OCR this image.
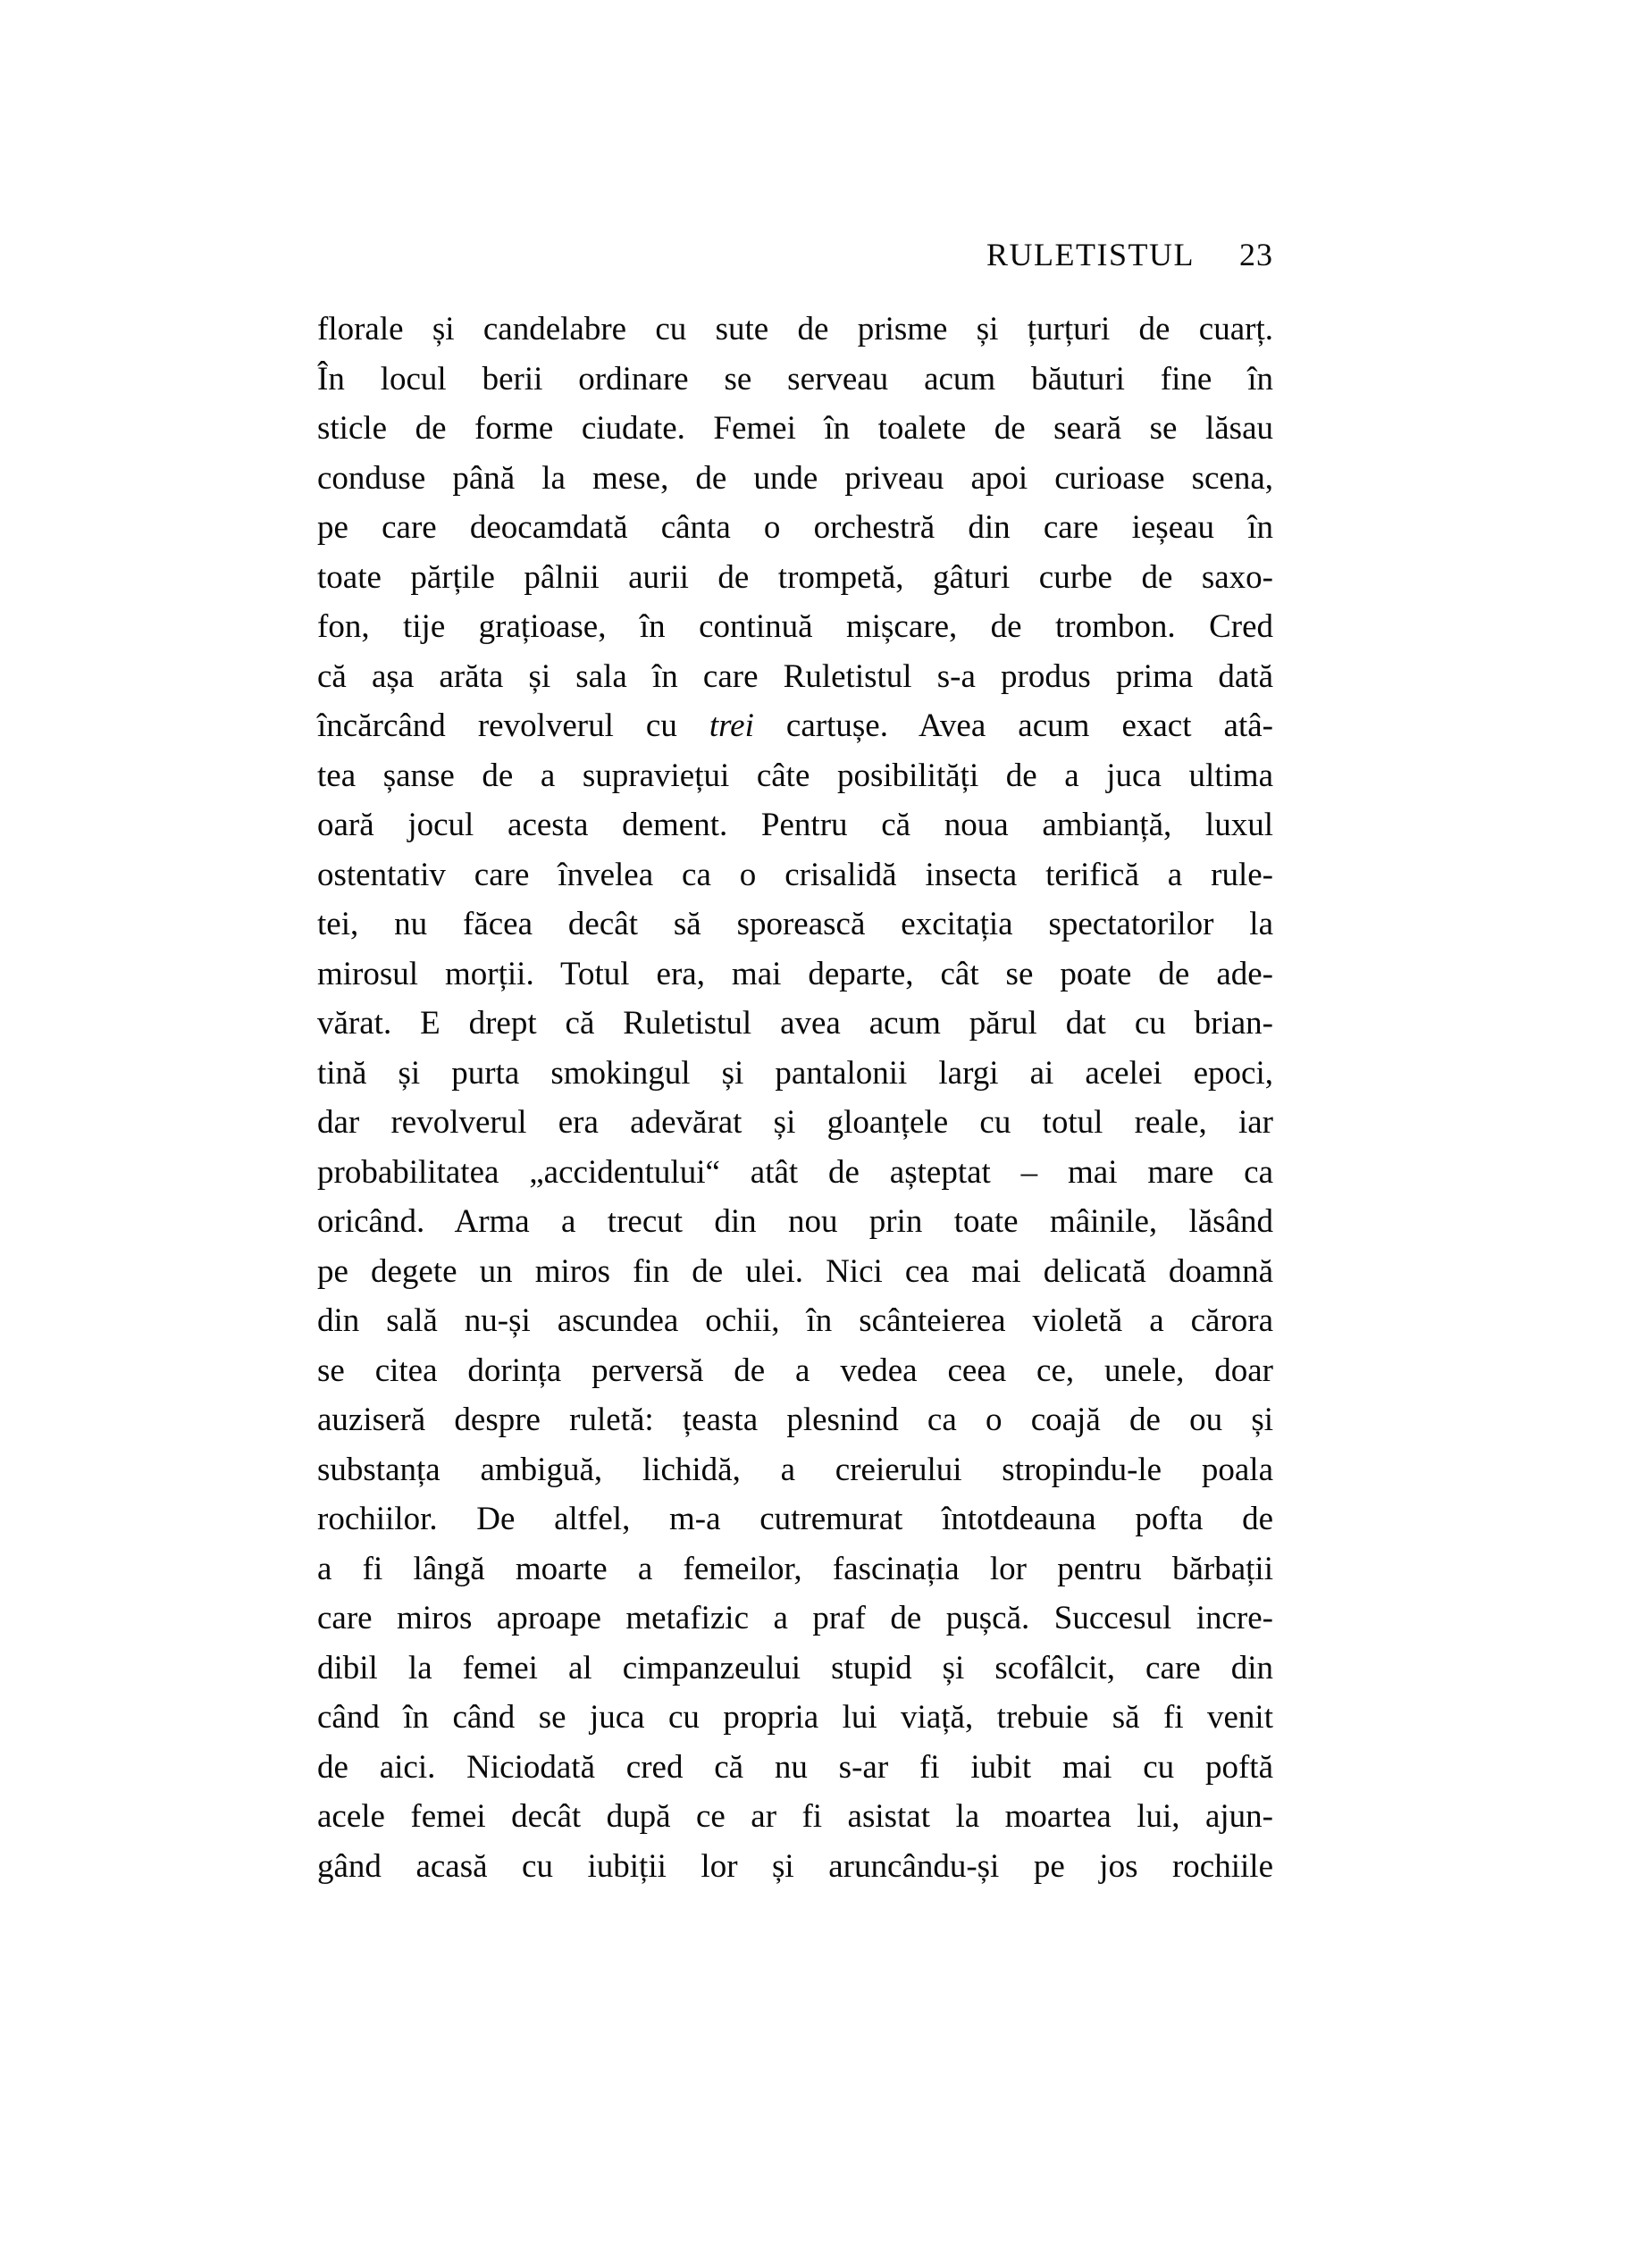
RULETISTUL 23
florale și candelabre cu sute de prisme și țurțuri de cuarț.
În locul berii ordinare se serveau acum băuturi fine în
sticle de forme ciudate. Femei în toalete de seară se lăsau
conduse până la mese, de unde priveau apoi curioase scena,
pe care deocamdată cânta o orchestră din care ieșeau în
toate părțile pâlnii aurii de trompetă, gâturi curbe de saxo-
fon, tije grațioase, în continuă mișcare, de trombon. Cred
că așa arăta și sala în care Ruletistul s-a produs prima dată
încărcând revolverul cu trei cartușe. Avea acum exact atâ-
tea șanse de a supraviețui câte posibilități de a juca ultima
oară jocul acesta dement. Pentru că noua ambianță, luxul
ostentativ care învelea ca o crisalidă insecta terifică a rule-
tei, nu făcea decât să sporească excitația spectatorilor la
mirosul morții. Totul era, mai departe, cât se poate de ade-
vărat. E drept că Ruletistul avea acum părul dat cu brian-
tină și purta smokingul și pantalonii largi ai acelei epoci,
dar revolverul era adevărat și gloanțele cu totul reale, iar
probabilitatea „accidentului“ atât de așteptat – mai mare ca
oricând. Arma a trecut din nou prin toate mâinile, lăsând
pe degete un miros fin de ulei. Nici cea mai delicată doamnă
din sală nu-și ascundea ochii, în scânteierea violetă a cărora
se citea dorința perversă de a vedea ceea ce, unele, doar
auziseră despre ruletă: țeasta plesnind ca o coajă de ou și
substanța ambiguă, lichidă, a creierului stropindu-le poala
rochiilor. De altfel, m-a cutremurat întotdeauna pofta de
a fi lângă moarte a femeilor, fascinația lor pentru bărbații
care miros aproape metafizic a praf de pușcă. Succesul incre-
dibil la femei al cimpanzeului stupid și scofâlcit, care din
când în când se juca cu propria lui viață, trebuie să fi venit
de aici. Niciodată cred că nu s-ar fi iubit mai cu poftă
acele femei decât după ce ar fi asistat la moartea lui, ajun-
gând acasă cu iubiții lor și aruncându-și pe jos rochiile
